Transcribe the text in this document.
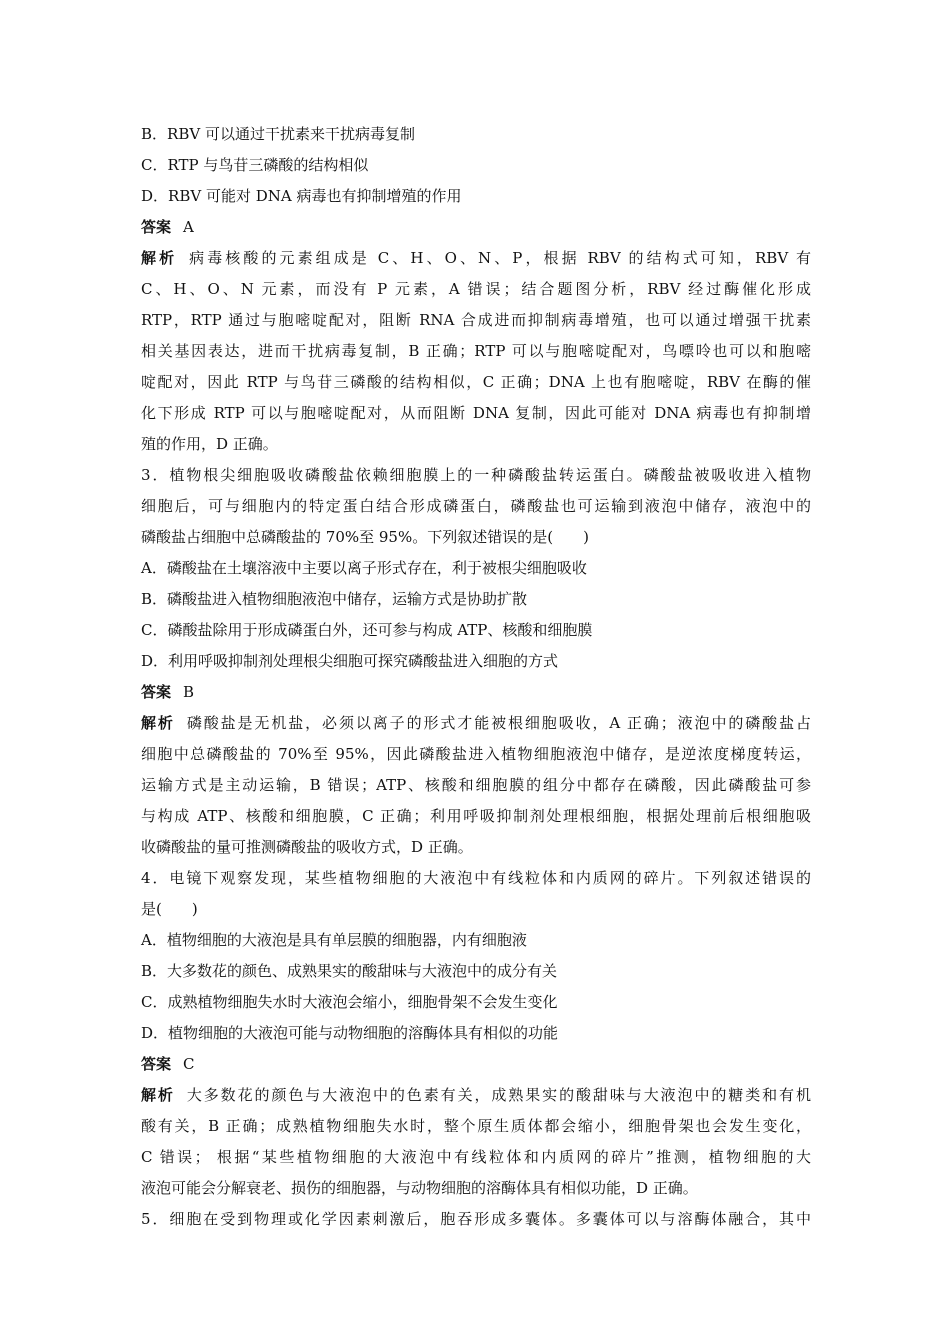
B．RBV 可以通过干扰素来干扰病毒复制
C．RTP 与鸟苷三磷酸的结构相似
D．RBV 可能对 DNA 病毒也有抑制增殖的作用
答案 A
解析 病毒核酸的元素组成是 C、H、O、N、P，根据 RBV 的结构式可知，RBV 有
C、H、O、N 元素，而没有 P 元素，A 错误；结合题图分析，RBV 经过酶催化形成
RTP，RTP 通过与胞嘧啶配对，阻断 RNA 合成进而抑制病毒增殖，也可以通过增强干扰素
相关基因表达，进而干扰病毒复制，B 正确；RTP 可以与胞嘧啶配对，鸟嘌呤也可以和胞嘧
啶配对，因此 RTP 与鸟苷三磷酸的结构相似，C 正确；DNA 上也有胞嘧啶，RBV 在酶的催
化下形成 RTP 可以与胞嘧啶配对，从而阻断 DNA 复制，因此可能对 DNA 病毒也有抑制增
殖的作用，D 正确。
3．植物根尖细胞吸收磷酸盐依赖细胞膜上的一种磷酸盐转运蛋白。磷酸盐被吸收进入植物
细胞后，可与细胞内的特定蛋白结合形成磷蛋白，磷酸盐也可运输到液泡中储存，液泡中的
磷酸盐占细胞中总磷酸盐的 70%至 95%。下列叙述错误的是(　　)
A．磷酸盐在土壤溶液中主要以离子形式存在，利于被根尖细胞吸收
B．磷酸盐进入植物细胞液泡中储存，运输方式是协助扩散
C．磷酸盐除用于形成磷蛋白外，还可参与构成 ATP、核酸和细胞膜
D．利用呼吸抑制剂处理根尖细胞可探究磷酸盐进入细胞的方式
答案 B
解析 磷酸盐是无机盐，必须以离子的形式才能被根细胞吸收，A 正确；液泡中的磷酸盐占
细胞中总磷酸盐的 70%至 95%，因此磷酸盐进入植物细胞液泡中储存，是逆浓度梯度转运，
运输方式是主动运输，B 错误；ATP、核酸和细胞膜的组分中都存在磷酸，因此磷酸盐可参
与构成 ATP、核酸和细胞膜，C 正确；利用呼吸抑制剂处理根细胞，根据处理前后根细胞吸
收磷酸盐的量可推测磷酸盐的吸收方式，D 正确。
4．电镜下观察发现，某些植物细胞的大液泡中有线粒体和内质网的碎片。下列叙述错误的
是(　　)
A．植物细胞的大液泡是具有单层膜的细胞器，内有细胞液
B．大多数花的颜色、成熟果实的酸甜味与大液泡中的成分有关
C．成熟植物细胞失水时大液泡会缩小，细胞骨架不会发生变化
D．植物细胞的大液泡可能与动物细胞的溶酶体具有相似的功能
答案 C
解析 大多数花的颜色与大液泡中的色素有关，成熟果实的酸甜味与大液泡中的糖类和有机
酸有关，B 正确；成熟植物细胞失水时，整个原生质体都会缩小，细胞骨架也会发生变化，
C 错误； 根据“某些植物细胞的大液泡中有线粒体和内质网的碎片”推测，植物细胞的大
液泡可能会分解衰老、损伤的细胞器，与动物细胞的溶酶体具有相似功能，D 正确。
5．细胞在受到物理或化学因素刺激后，胞吞形成多囊体。多囊体可以与溶酶体融合，其中
